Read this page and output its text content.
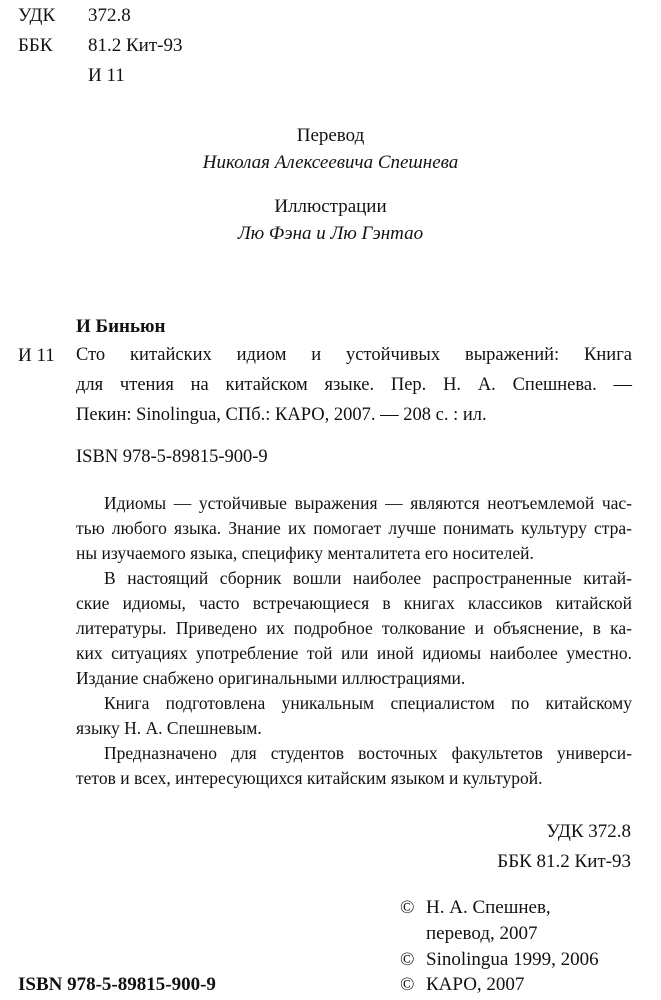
УДК 372.8
ББК 81.2 Кит-93
И 11
Перевод
Николая Алексеевича Спешнева
Иллюстрации
Лю Фэна и Лю Гэнтао
И Биньюн
И 11 Сто китайских идиом и устойчивых выражений: Книга
для чтения на китайском языке. Пер. Н. А. Спешнева. —
Пекин: Sinolingua, СПб.: КАРО, 2007. — 208 с. : ил.
ISBN 978-5-89815-900-9
Идиомы — устойчивые выражения — являются неотъемлемой час-
тью любого языка. Знание их помогает лучше понимать культуру стра-
ны изучаемого языка, специфику менталитета его носителей.
В настоящий сборник вошли наиболее распространенные китай-
ские идиомы, часто встречающиеся в книгах классиков китайской
литературы. Приведено их подробное толкование и объяснение, в ка-
ких ситуациях употребление той или иной идиомы наиболее уместно.
Издание снабжено оригинальными иллюстрациями.
Книга подготовлена уникальным специалистом по китайскому
языку Н. А. Спешневым.
Предназначено для студентов восточных факультетов универси-
тетов и всех, интересующихся китайским языком и культурой.
УДК 372.8
ББК 81.2 Кит-93
© Н. А. Спешнев,
перевод, 2007
© Sinolingua 1999, 2006
© КАРО, 2007
ISBN 978-5-89815-900-9
